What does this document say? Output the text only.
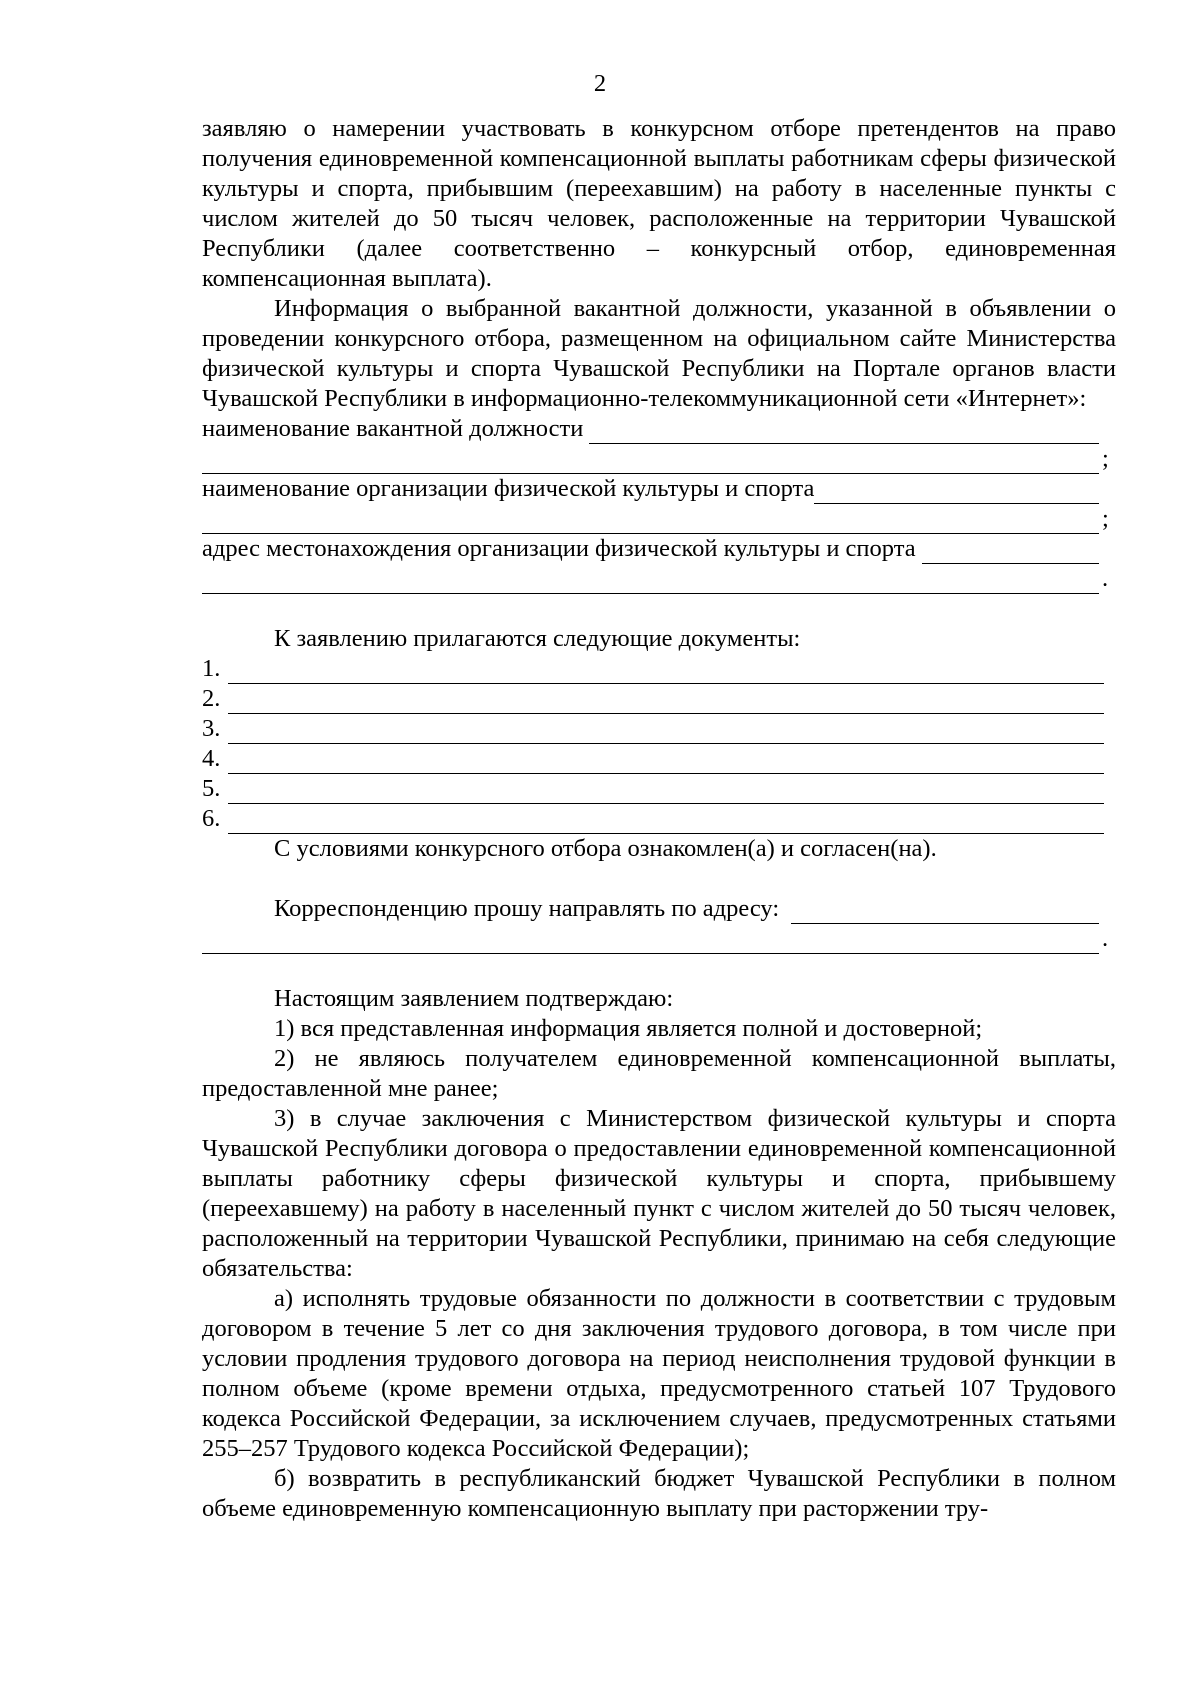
2

заявляю о намерении участвовать в конкурсном отборе претендентов на право получения единовременной компенсационной выплаты работникам сферы физической культуры и спорта, прибывшим (переехавшим) на работу в населенные пункты с числом жителей до 50 тысяч человек, расположенные на территории Чувашской Республики (далее соответственно – конкурсный отбор, единовременная компенсационная выплата).

Информация о выбранной вакантной должности, указанной в объявлении о проведении конкурсного отбора, размещенном на официальном сайте Министерства физической культуры и спорта Чувашской Республики на Портале органов власти Чувашской Республики в информационно-телекоммуникационной сети «Интернет»:

наименование вакантной должности
;
наименование организации физической культуры и спорта
;
адрес местонахождения организации физической культуры и спорта
.

К заявлению прилагаются следующие документы:

1.
2.
3.
4.
5.
6.

С условиями конкурсного отбора ознакомлен(а) и согласен(на).

Корреспонденцию прошу направлять по адресу:
.

Настоящим заявлением подтверждаю:

1) вся представленная информация является полной и достоверной;

2) не являюсь получателем единовременной компенсационной выплаты, предоставленной мне ранее;

3) в случае заключения с Министерством физической культуры и спорта Чувашской Республики договора о предоставлении единовременной компенсационной выплаты работнику сферы физической культуры и спорта, прибывшему (переехавшему) на работу в населенный пункт с числом жителей до 50 тысяч человек, расположенный на территории Чувашской Республики, принимаю на себя следующие обязательства:

а) исполнять трудовые обязанности по должности в соответствии с трудовым договором в течение 5 лет со дня заключения трудового договора, в том числе при условии продления трудового договора на период неисполнения трудовой функции в полном объеме (кроме времени отдыха, предусмотренного статьей 107 Трудового кодекса Российской Федерации, за исключением случаев, предусмотренных статьями 255–257 Трудового кодекса Российской Федерации);

б) возвратить в республиканский бюджет Чувашской Республики в полном объеме единовременную компенсационную выплату при расторжении тру-
